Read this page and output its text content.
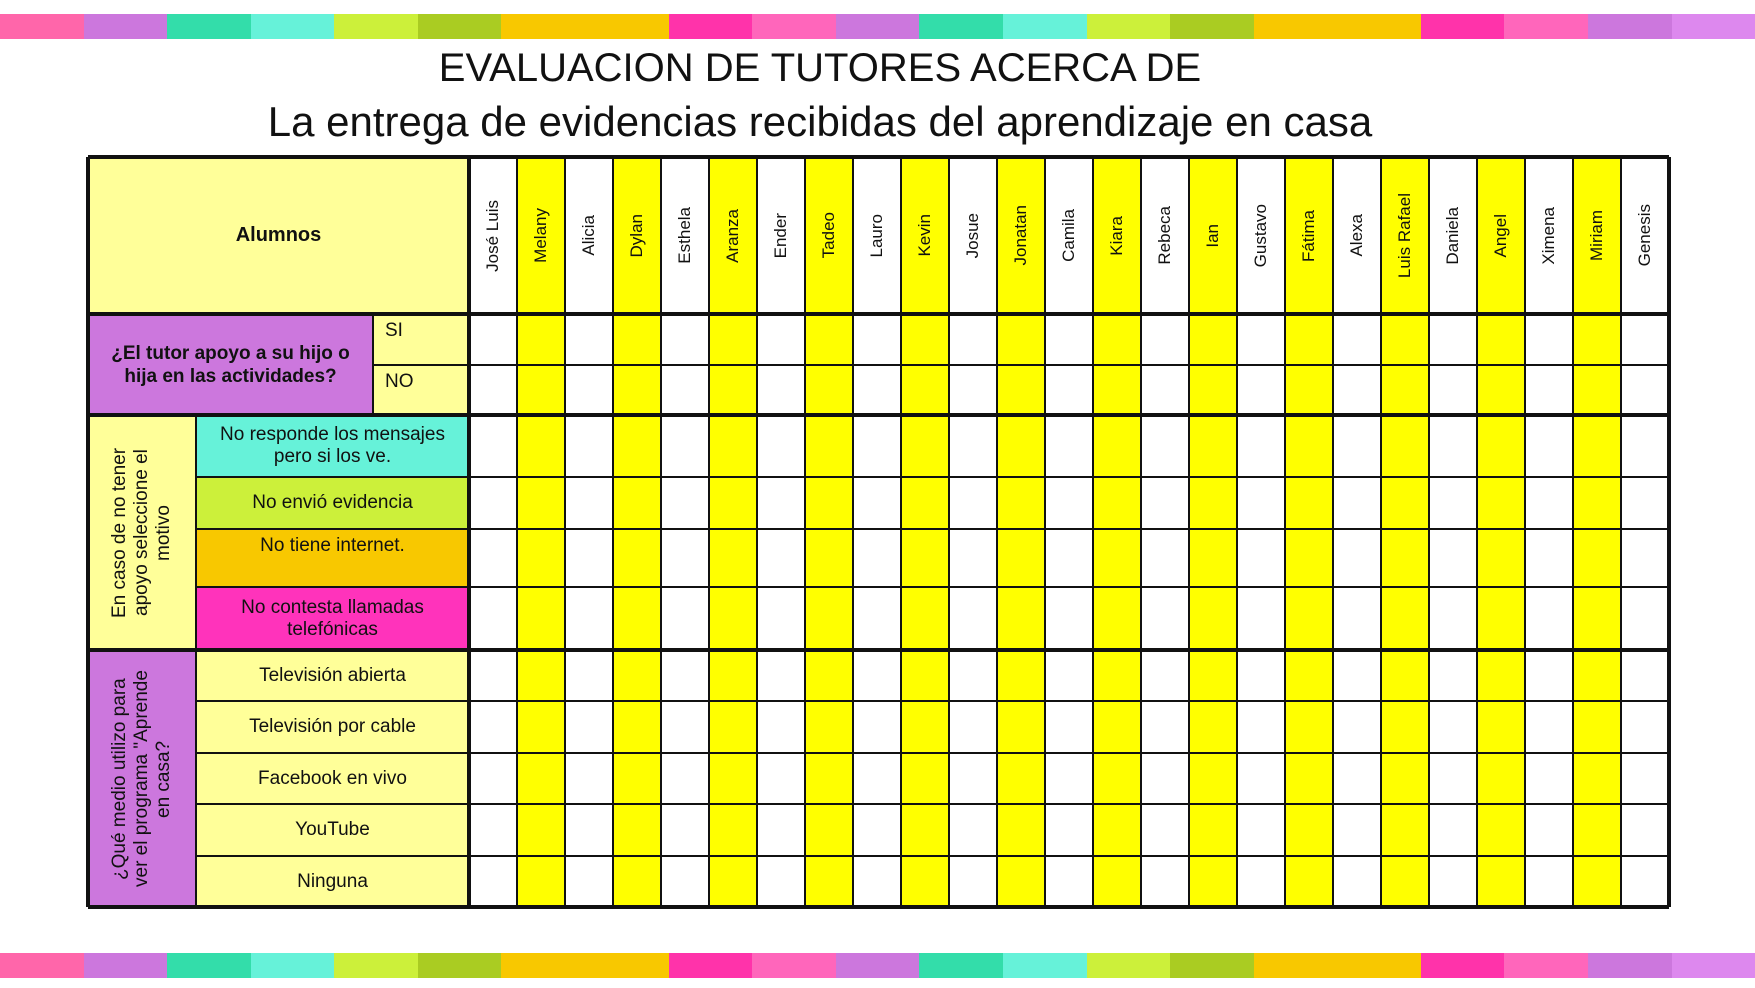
EVALUACION DE TUTORES ACERCA DE
La entrega de evidencias recibidas del aprendizaje en casa
Alumnos	José Luis Melany Alicia Dylan Esthela Aranza Ender Tadeo Lauro Kevin Josue Jonatan Camila Kiara Rebeca Ian Gustavo Fátima Alexa Luis Rafael Daniela Angel Ximena Miriam Genesis
¿El tutor apoyo a su hijo o hija en las actividades?
SI
NO
En caso de no tener apoyo seleccione el motivo
No responde los mensajes pero si los ve.
No envió evidencia
No tiene internet.
No contesta llamadas telefónicas
¿Qué medio utilizo para ver el programa "Aprende en casa?
Televisión abierta
Televisión por cable
Facebook en vivo
YouTube
Ninguna
